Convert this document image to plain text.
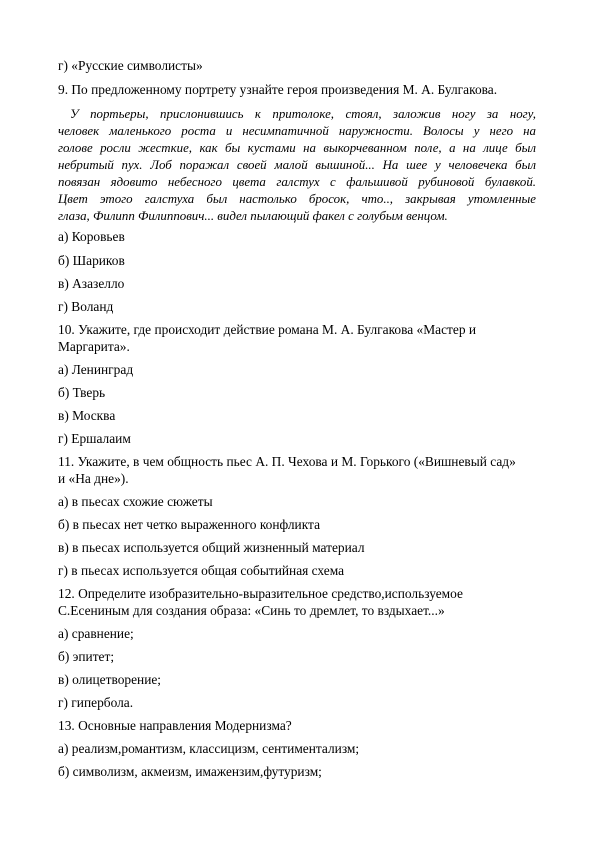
г) «Русские символисты»
9. По предложенному портрету узнайте героя произведения М. А. Булгакова.
У портьеры, прислонившись к притолоке, стоял, заложив ногу за ногу,
человек маленького роста и несимпатичной наружности. Волосы у него на
голове росли жесткие, как бы кустами на выкорчеванном поле, а на лице был
небритый пух. Лоб поражал своей малой вышиной... На шее у человечека был
повязан ядовито небесного цвета галстух с фальшивой рубиновой булавкой.
Цвет этого галстуха был настолько бросок, что.., закрывая утомленные
глаза, Филипп Филиппович... видел пылающий факел с голубым венцом.
а) Коровьев
б) Шариков
в) Азазелло
г) Воланд
10. Укажите, где происходит действие романа М. А. Булгакова «Мастер и
Маргарита».
а) Ленинград
б) Тверь
в) Москва
г) Ершалаим
11. Укажите, в чем общность пьес А. П. Чехова и М. Горького («Вишневый сад»
и «На дне»).
а) в пьесах схожие сюжеты
б) в пьесах нет четко выраженного конфликта
в) в пьесах используется общий жизненный материал
г) в пьесах используется общая событийная схема
12. Определите изобразительно-выразительное средство,используемое
С.Есениным для создания образа: «Синь то дремлет, то вздыхает...»
а) сравнение;
б) эпитет;
в) олицетворение;
г) гипербола.
13. Основные направления Модернизма?
а) реализм,романтизм, классицизм, сентиментализм;
б) символизм, акмеизм, имажензим,футуризм;
